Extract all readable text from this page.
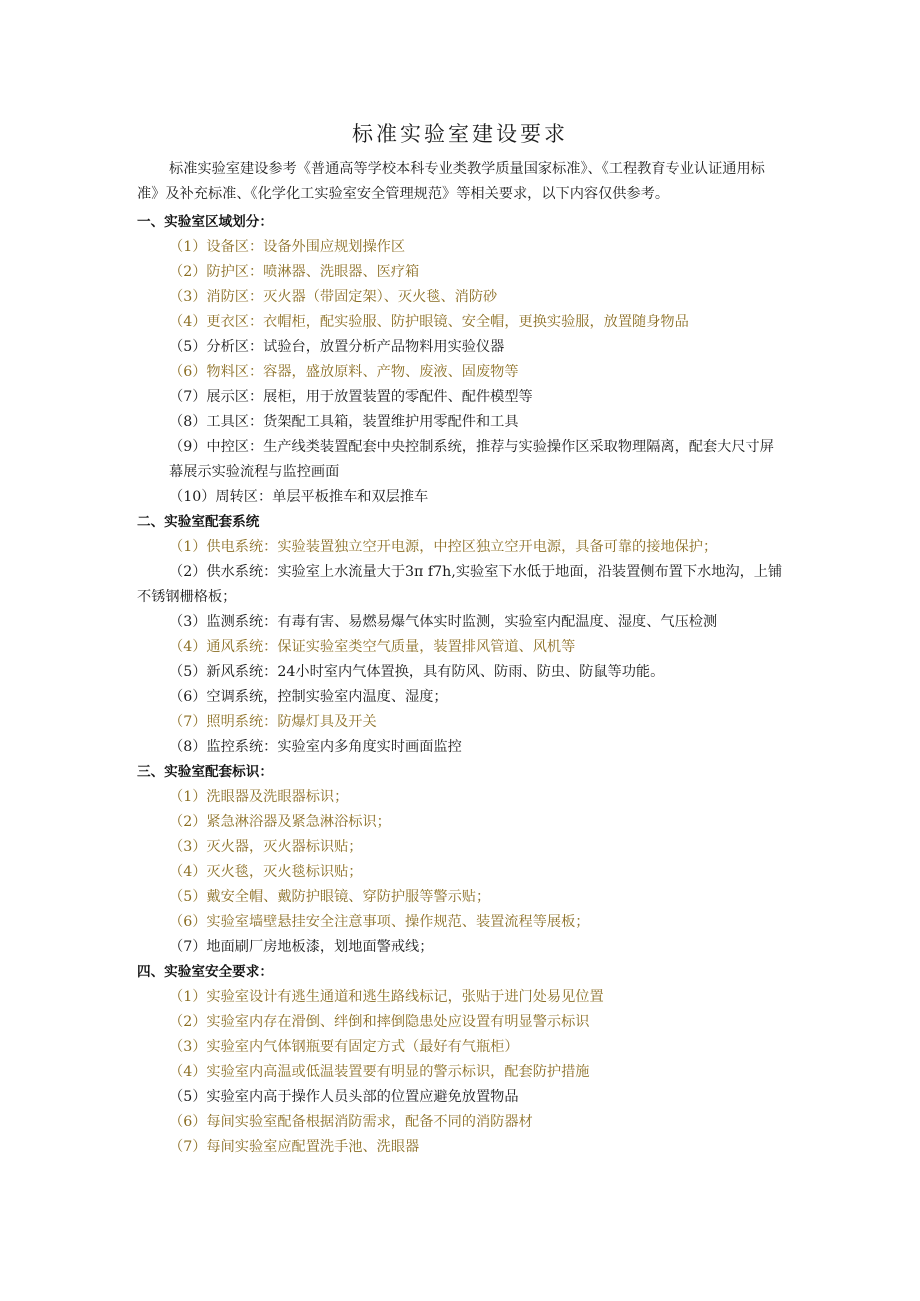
标准实验室建设要求
标准实验室建设参考《普通高等学校本科专业类教学质量国家标准》、《工程教育专业认证通用标准》及补充标准、《化学化工实验室安全管理规范》等相关要求，以下内容仅供参考。
一、实验室区域划分：
（1）设备区：设备外围应规划操作区
（2）防护区：喷淋器、洗眼器、医疗箱
（3）消防区：灭火器（带固定架）、灭火毯、消防砂
（4）更衣区：衣帽柜，配实验服、防护眼镜、安全帽，更换实验服，放置随身物品
（5）分析区：试验台，放置分析产品物料用实验仪器
（6）物料区：容器，盛放原料、产物、废液、固废物等
（7）展示区：展柜，用于放置装置的零配件、配件模型等
（8）工具区：货架配工具箱，装置维护用零配件和工具
（9）中控区：生产线类装置配套中央控制系统，推荐与实验操作区采取物理隔离，配套大尺寸屏幕展示实验流程与监控画面
（10）周转区：单层平板推车和双层推车
二、实验室配套系统
（1）供电系统：实验装置独立空开电源，中控区独立空开电源，具备可靠的接地保护；
（2）供水系统：实验室上水流量大于3π f7h,实验室下水低于地面，沿装置侧布置下水地沟，上铺不锈钢栅格板；
（3）监测系统：有毒有害、易燃易爆气体实时监测，实验室内配温度、湿度、气压检测
（4）通风系统：保证实验室类空气质量，装置排风管道、风机等
（5）新风系统：24小时室内气体置换，具有防风、防雨、防虫、防鼠等功能。
（6）空调系统，控制实验室内温度、湿度；
（7）照明系统：防爆灯具及开关
（8）监控系统：实验室内多角度实时画面监控
三、实验室配套标识：
（1）洗眼器及洗眼器标识；
（2）紧急淋浴器及紧急淋浴标识；
（3）灭火器，灭火器标识贴；
（4）灭火毯，灭火毯标识贴；
（5）戴安全帽、戴防护眼镜、穿防护服等警示贴；
（6）实验室墙壁悬挂安全注意事项、操作规范、装置流程等展板；
（7）地面刷厂房地板漆，划地面警戒线；
四、实验室安全要求：
（1）实验室设计有逃生通道和逃生路线标记，张贴于进门处易见位置
（2）实验室内存在滑倒、绊倒和摔倒隐患处应设置有明显警示标识
（3）实验室内气体钢瓶要有固定方式（最好有气瓶柜）
（4）实验室内高温或低温装置要有明显的警示标识，配套防护措施
（5）实验室内高于操作人员头部的位置应避免放置物品
（6）每间实验室配备根据消防需求，配备不同的消防器材
（7）每间实验室应配置洗手池、洗眼器
